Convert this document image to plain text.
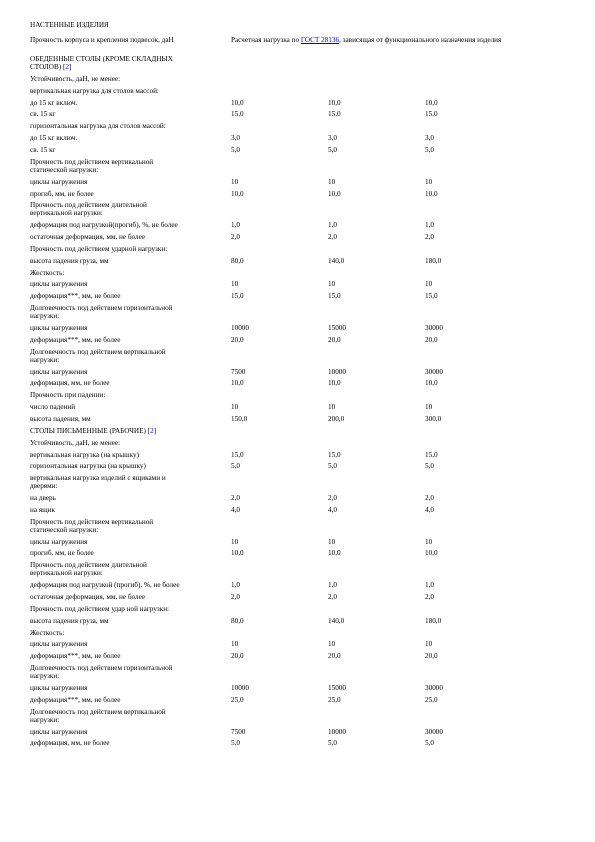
НАСТЕННЫЕ ИЗДЕЛИЯ
Прочность корпуса и крепления подвесок, даН	Расчетная нагрузка по ГОСТ 28136, зависящая от функционального назначения изделия
ОБЕДЕННЫЕ СТОЛЫ (КРОМЕ СКЛАДНЫХ
СТОЛОВ) [2]
Устойчивость, даН, не менее:
вертикальная нагрузка для столов массой:
до 15 кг включ.	10,0	10,0	10,0
св. 15 кг	15,0	15,0	15,0
горизонтальная нагрузка для столов массой:
до 15 кг включ.	3,0	3,0	3,0
св. 15 кг	5,0	5,0	5,0
Прочность под действием вертикальной
статической нагрузки:
циклы нагружения	10	10	10
прогиб, мм, не более	10,0	10,0	10,0
Прочность под действием длительной
вертикальной нагрузки:
деформация под нагрузкой(прогиб), %, не более	1,0	1,0	1,0
остаточная деформация, мм, не более	2,0	2,0	2,0
Прочность под действием ударной нагрузки:
высота падения груза, мм	80,0	140,0	180,0
Жесткость:
циклы нагружения	10	10	10
деформация***, мм, не более	15,0	15,0	15,0
Долговечность под действием горизонтальной
нагрузки:
циклы нагружения	10000	15000	30000
деформация***, мм, не более	20,0	20,0	20,0
Долговечность под действием вертикальной
нагрузки:
циклы нагружения	7500	10000	30000
деформация, мм, не более	10,0	10,0	10,0
Прочность при падении:
число падений	10	10	10
высота падения, мм	150,0	200,0	300,0
СТОЛЫ ПИСЬМЕННЫЕ (РАБОЧИЕ) [2]
Устойчивость, даН, не менее:
вертикальная нагрузка (на крышку)	15,0	15,0	15,0
горизонтальная нагрузка (на крышку)	5,0	5,0	5,0
вертикальная нагрузка изделий с ящиками и
дверями:
на дверь	2,0	2,0	2,0
на ящик	4,0	4,0	4,0
Прочность под действием вертикальной
статической нагрузки:
циклы нагружения	10	10	10
прогиб, мм, не более	10,0	10,0	10,0
Прочность под действием длительной
вертикальной нагрузки:
деформация под нагрузкой (прогиб), %, не более	1,0	1,0	1,0
остаточная деформация, мм, не более	2,0	2,0	2,0
Прочность под действием удар ной нагрузки:
высота падения груза, мм	80,0	140,0	180,0
Жесткость:
циклы нагружения	10	10	10
деформация***, мм, не более	20,0	20,0	20,0
Долговечность под действием горизонтальной
нагрузки:
циклы нагружения	10000	15000	30000
деформация***, мм, не более	25,0	25,0	25,0
Долговечность под действием вертикальной
нагрузки:
циклы нагружения	7500	10000	30000
деформация, мм, не более	5,0	5,0	5,0
